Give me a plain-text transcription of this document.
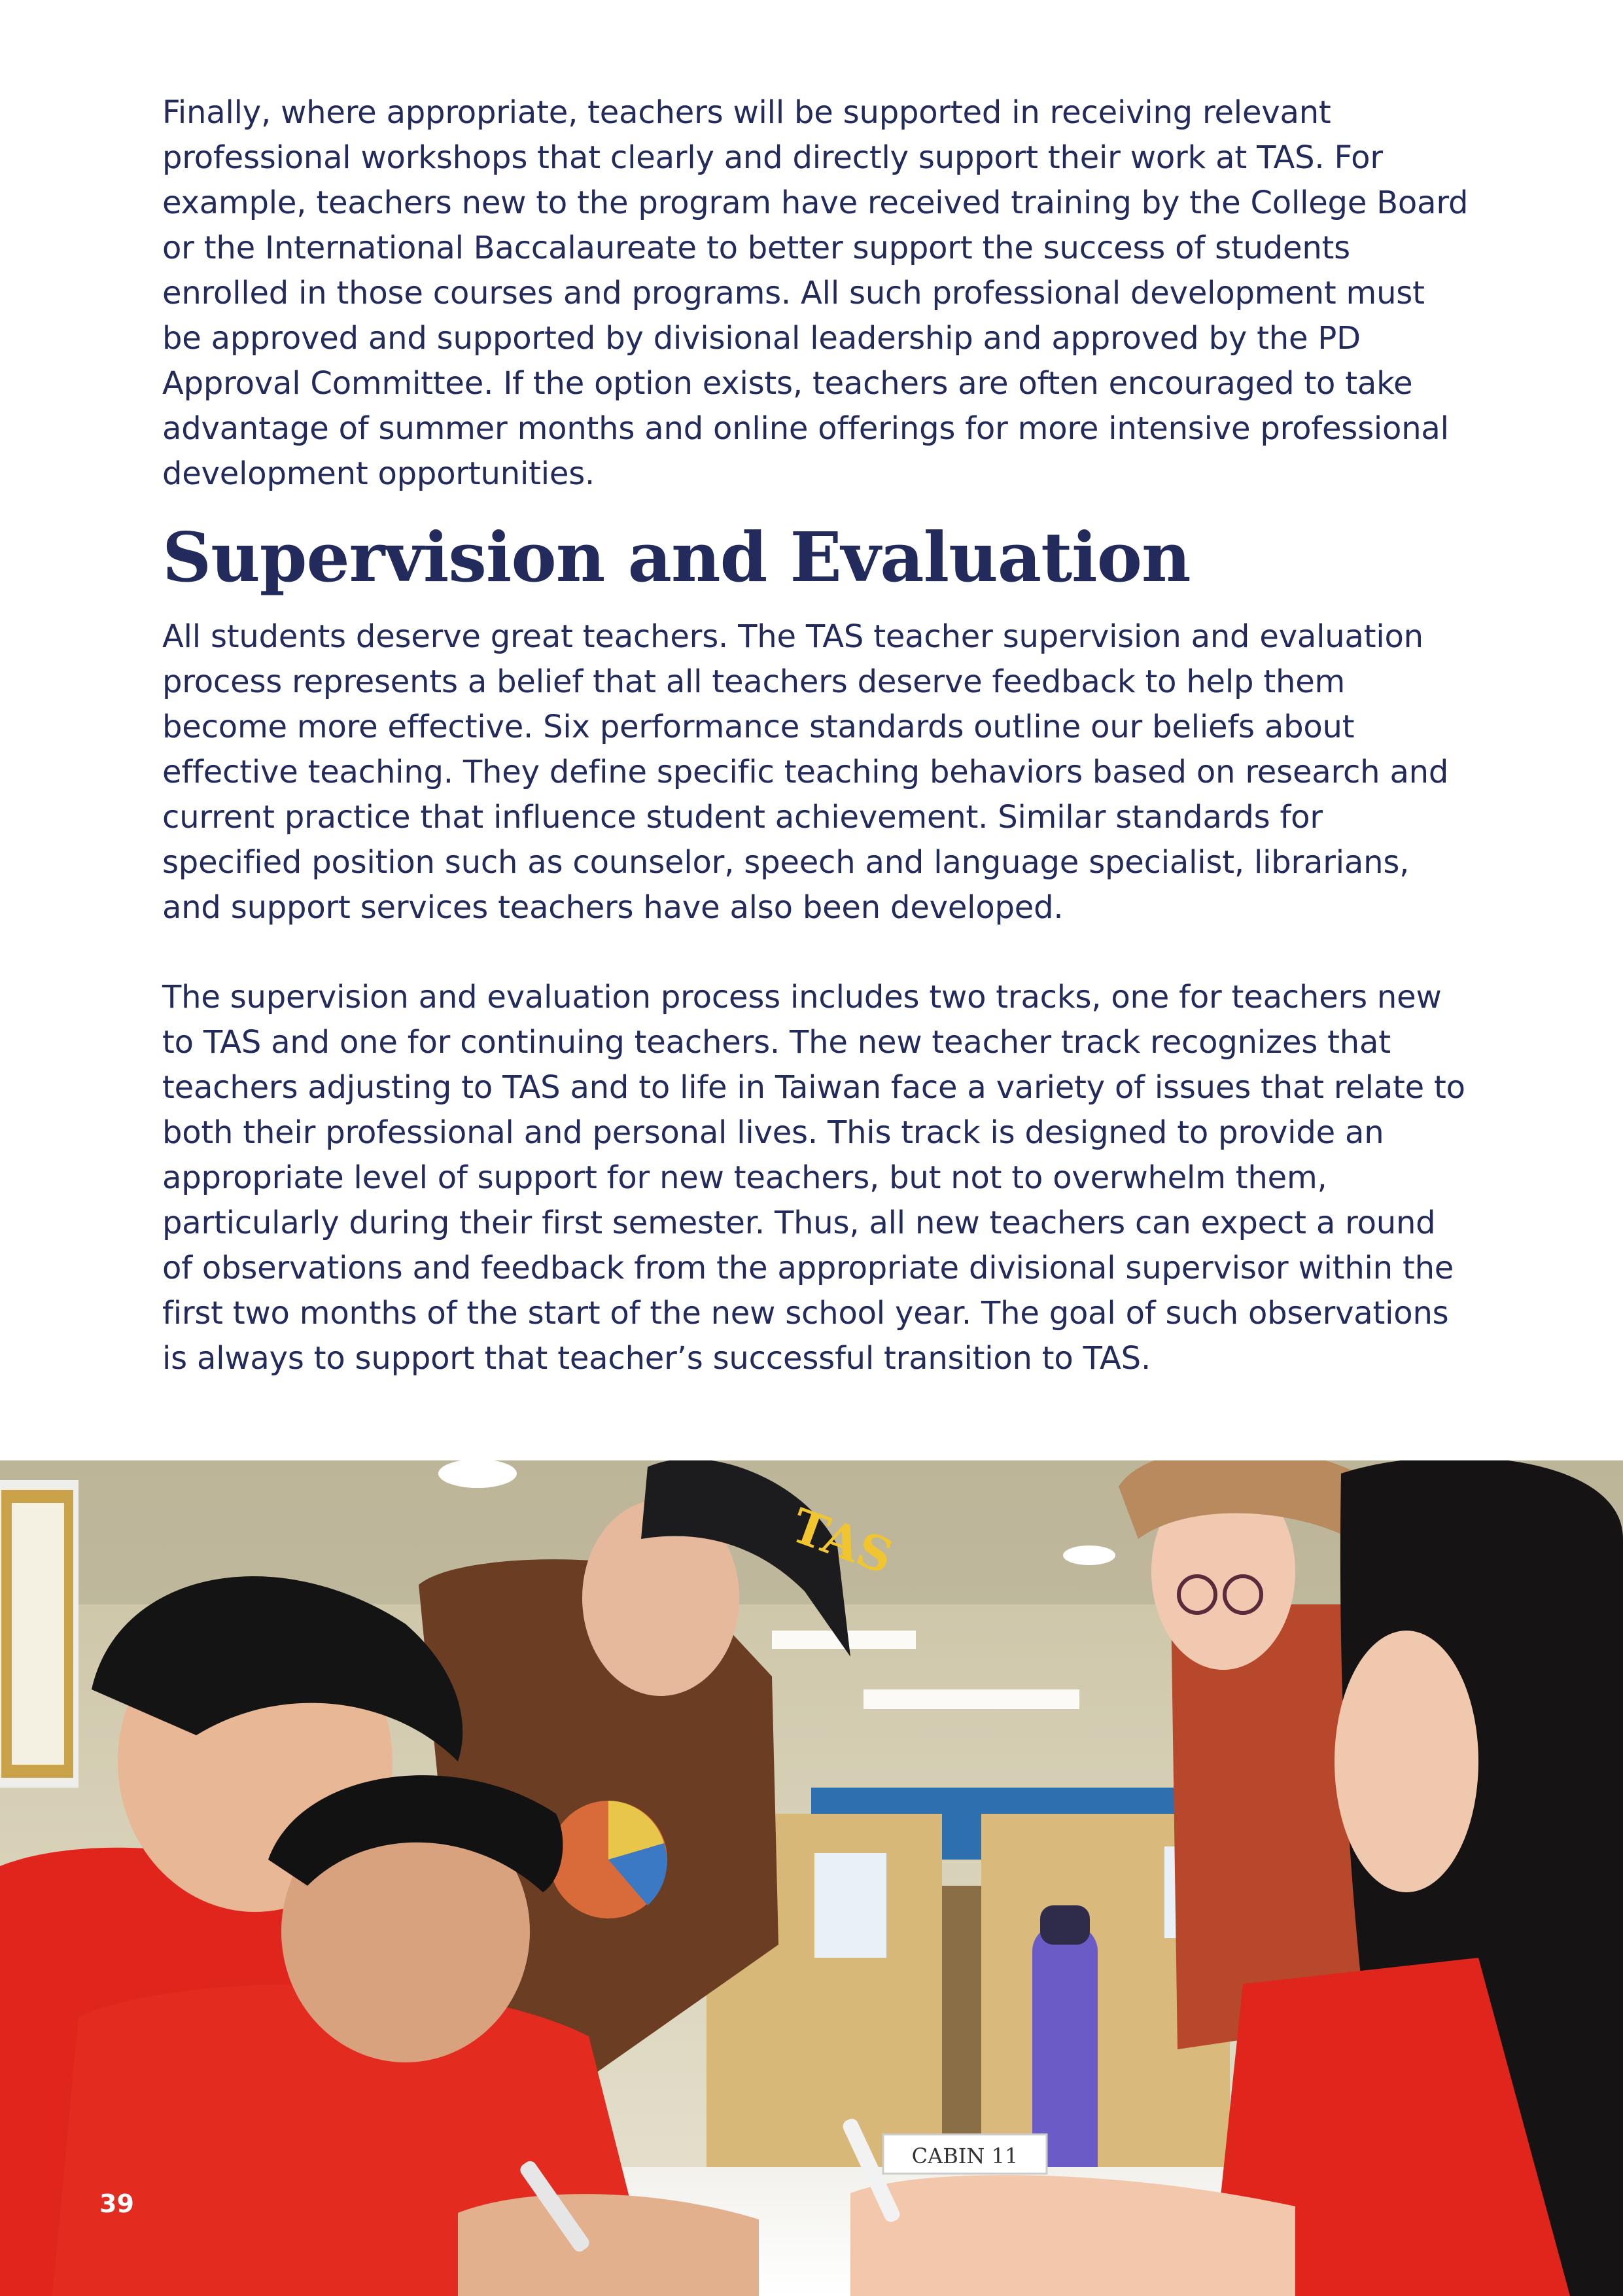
Finally, where appropriate, teachers will be supported in receiving relevant professional workshops that clearly and directly support their work at TAS. For example, teachers new to the program have received training by the College Board or the International Baccalaureate to better support the success of students enrolled in those courses and programs. All such professional development must be approved and supported by divisional leadership and approved by the PD Approval Committee. If the option exists, teachers are often encouraged to take advantage of summer months and online offerings for more intensive professional development opportunities.

Supervision and Evaluation

All students deserve great teachers. The TAS teacher supervision and evaluation process represents a belief that all teachers deserve feedback to help them become more effective. Six performance standards outline our beliefs about effective teaching. They define specific teaching behaviors based on research and current practice that influence student achievement. Similar standards for specified position such as counselor, speech and language specialist, librarians, and support services teachers have also been developed.

The supervision and evaluation process includes two tracks, one for teachers new to TAS and one for continuing teachers. The new teacher track recognizes that teachers adjusting to TAS and to life in Taiwan face a variety of issues that relate to both their professional and personal lives. This track is designed to provide an appropriate level of support for new teachers, but not to overwhelm them, particularly during their first semester. Thus, all new teachers can expect a round of observations and feedback from the appropriate divisional supervisor within the first two months of the start of the new school year. The goal of such observations is always to support that teacher’s successful transition to TAS.

CABIN 11
TAS
39
